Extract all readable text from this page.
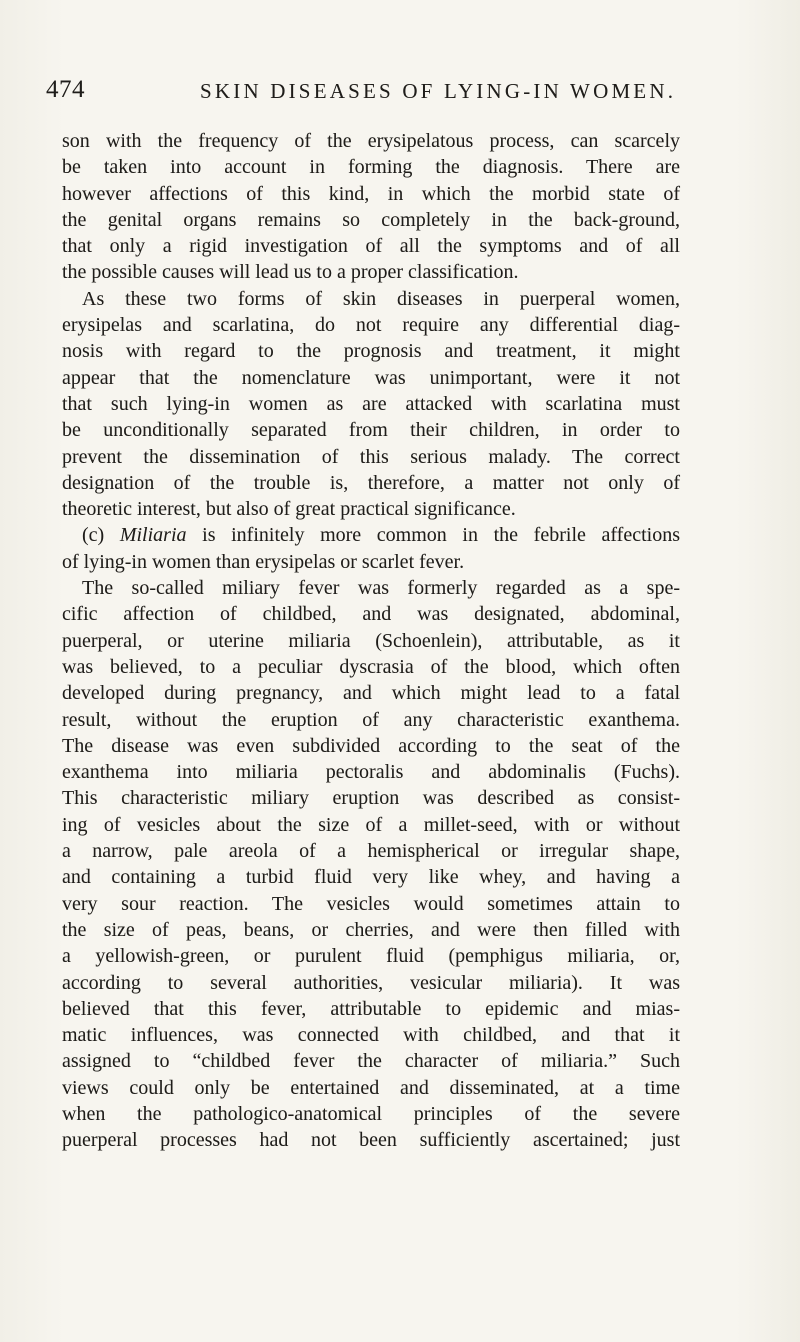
474	SKIN DISEASES OF LYING-IN WOMEN.
son with the frequency of the erysipelatous process, can scarcely
be taken into account in forming the diagnosis. There are
however affections of this kind, in which the morbid state of
the genital organs remains so completely in the back-ground,
that only a rigid investigation of all the symptoms and of all
the possible causes will lead us to a proper classification.
As these two forms of skin diseases in puerperal women,
erysipelas and scarlatina, do not require any differential diag-
nosis with regard to the prognosis and treatment, it might
appear that the nomenclature was unimportant, were it not
that such lying-in women as are attacked with scarlatina must
be unconditionally separated from their children, in order to
prevent the dissemination of this serious malady. The correct
designation of the trouble is, therefore, a matter not only of
theoretic interest, but also of great practical significance.
(c) Miliaria is infinitely more common in the febrile affections
of lying-in women than erysipelas or scarlet fever.
The so-called miliary fever was formerly regarded as a spe-
cific affection of childbed, and was designated, abdominal,
puerperal, or uterine miliaria (Schoenlein), attributable, as it
was believed, to a peculiar dyscrasia of the blood, which often
developed during pregnancy, and which might lead to a fatal
result, without the eruption of any characteristic exanthema.
The disease was even subdivided according to the seat of the
exanthema into miliaria pectoralis and abdominalis (Fuchs).
This characteristic miliary eruption was described as consist-
ing of vesicles about the size of a millet-seed, with or without
a narrow, pale areola of a hemispherical or irregular shape,
and containing a turbid fluid very like whey, and having a
very sour reaction. The vesicles would sometimes attain to
the size of peas, beans, or cherries, and were then filled with
a yellowish-green, or purulent fluid (pemphigus miliaria, or,
according to several authorities, vesicular miliaria). It was
believed that this fever, attributable to epidemic and mias-
matic influences, was connected with childbed, and that it
assigned to “childbed fever the character of miliaria.” Such
views could only be entertained and disseminated, at a time
when the pathologico-anatomical principles of the severe
puerperal processes had not been sufficiently ascertained; just
